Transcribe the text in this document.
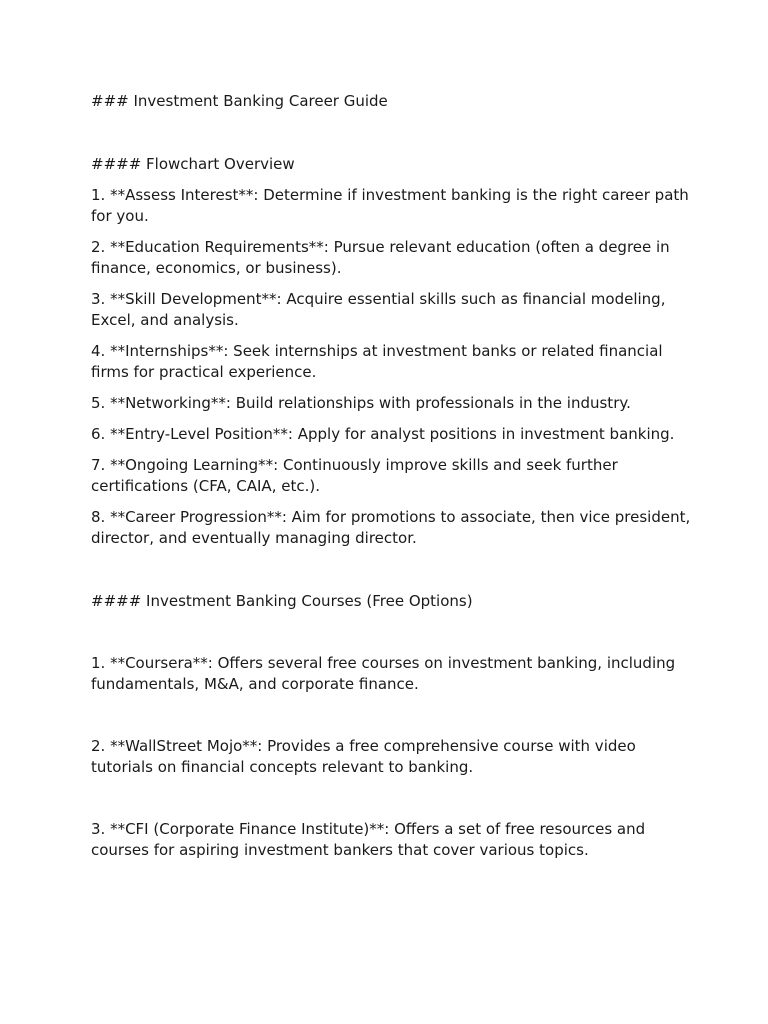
### Investment Banking Career Guide

#### Flowchart Overview

1. **Assess Interest**: Determine if investment banking is the right career path for you.

2. **Education Requirements**: Pursue relevant education (often a degree in finance, economics, or business).

3. **Skill Development**: Acquire essential skills such as financial modeling, Excel, and analysis.

4. **Internships**: Seek internships at investment banks or related financial firms for practical experience.

5. **Networking**: Build relationships with professionals in the industry.

6. **Entry-Level Position**: Apply for analyst positions in investment banking.

7. **Ongoing Learning**: Continuously improve skills and seek further certifications (CFA, CAIA, etc.).

8. **Career Progression**: Aim for promotions to associate, then vice president, director, and eventually managing director.

#### Investment Banking Courses (Free Options)

1. **Coursera**: Offers several free courses on investment banking, including fundamentals, M&A, and corporate finance.

2. **WallStreet Mojo**: Provides a free comprehensive course with video tutorials on financial concepts relevant to banking.

3. **CFI (Corporate Finance Institute)**: Offers a set of free resources and courses for aspiring investment bankers that cover various topics.
